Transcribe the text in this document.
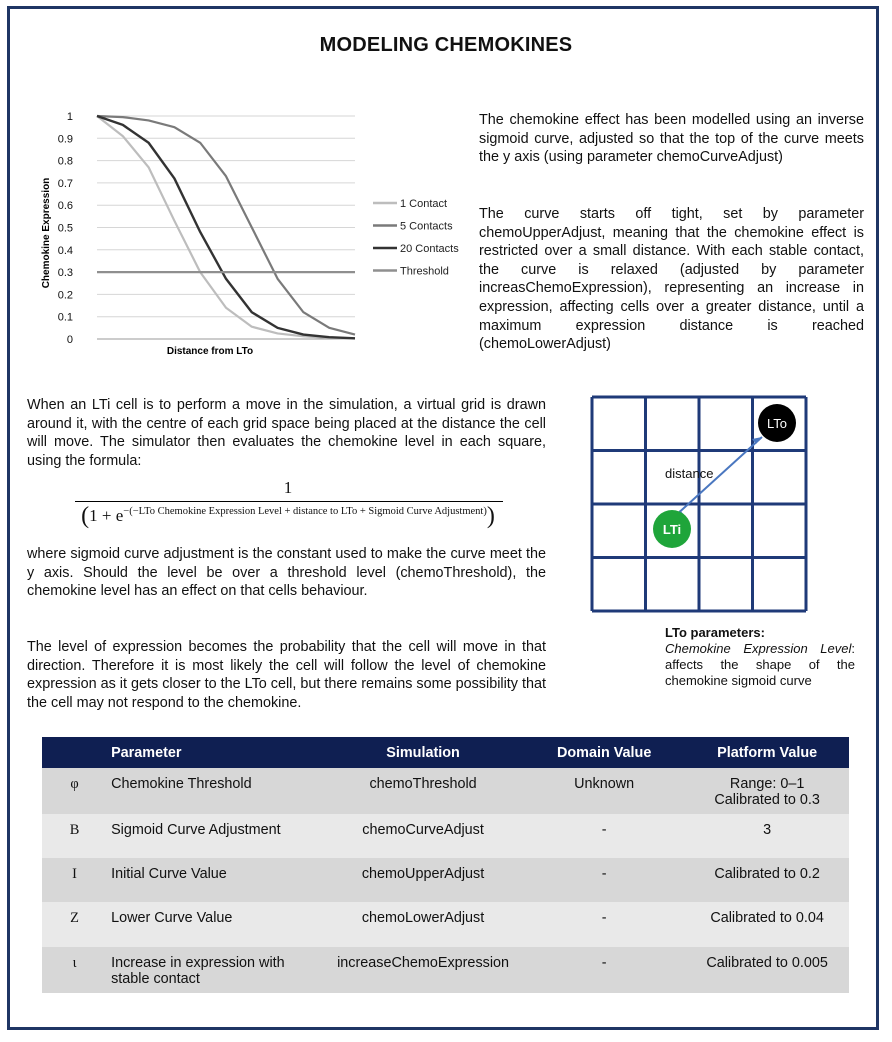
MODELING CHEMOKINES
0
0.1
0.2
0.3
0.4
0.5
0.6
0.7
0.8
0.9
1
1 Contact
5 Contacts
20 Contacts
Threshold
Distance from LTo
Chemokine Expression

The chemokine effect has been modelled using an inverse sigmoid curve, adjusted so that the top of the curve meets the y axis (using parameter chemoCurveAdjust)

The curve starts off tight, set by parameter chemoUpperAdjust, meaning that the chemokine effect is restricted over a small distance. With each stable contact, the curve is relaxed (adjusted by parameter increasChemoExpression), representing an increase in expression, affecting cells over a greater distance, until a maximum expression distance is reached (chemoLowerAdjust)

When an LTi cell is to perform a move in the simulation, a virtual grid is drawn around it, with the centre of each grid space being placed at the distance the cell will move. The simulator then evaluates the chemokine level in each square, using the formula:

1
$(1 + e^{-(-LTo Chemokine Expression Level + distance to LTo + Sigmoid Curve Adjustment)})$

where sigmoid curve adjustment is the constant used to make the curve meet the y axis. Should the level be over a threshold level (chemoThreshold), the chemokine level has an effect on that cells behaviour.

The level of expression becomes the probability that the cell will move in that direction. Therefore it is most likely the cell will follow the level of chemokine expression as it gets closer to the LTo cell, but there remains some possibility that the cell may not respond to the chemokine.

LTo
LTi
distance
LTo parameters:
Chemokine Expression Level: affects the shape of the chemokine sigmoid curve
	Parameter	Simulation	Domain Value	Platform Value
φ	Chemokine Threshold	chemoThreshold	Unknown	Range: 0–1
Calibrated to 0.3
Β	Sigmoid Curve Adjustment	chemoCurveAdjust	-	3
Ι	Initial Curve Value	chemoUpperAdjust	-	Calibrated to 0.2
Ζ	Lower Curve Value	chemoLowerAdjust	-	Calibrated to 0.04
ι	Increase in expression with stable contact	increaseChemoExpression	-	Calibrated to 0.005
